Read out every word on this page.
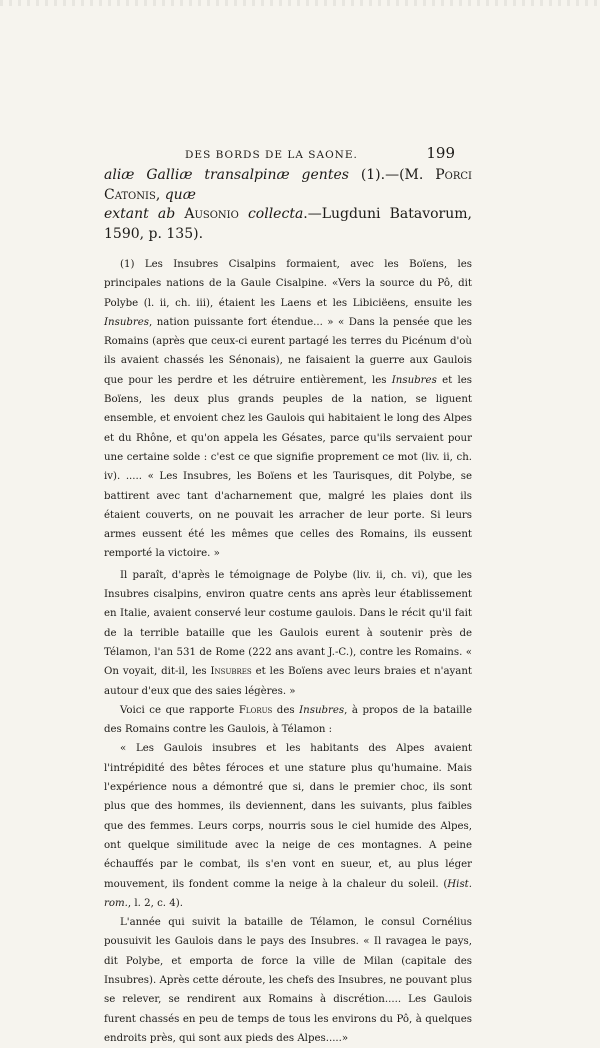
DES BORDS DE LA SAONE.	199
aliæ Galliæ transalpinæ gentes (1).—(M. Porci Catonis, quæ
extant ab Ausonio collecta.—Lugduni Batavorum, 1590, p. 135).

(1) Les Insubres Cisalpins formaient, avec les Boïens, les principales nations de la Gaule Cisalpine. «Vers la source du Pô, dit Polybe (l. ii, ch. iii), étaient les Laens et les Libiciëens, ensuite les Insubres, nation puissante fort étendue... » « Dans la pensée que les Romains (après que ceux-ci eurent partagé les terres du Picénum d'où ils avaient chassés les Sénonais), ne faisaient la guerre aux Gaulois que pour les perdre et les détruire entièrement, les Insubres et les Boïens, les deux plus grands peuples de la nation, se liguent ensemble, et envoient chez les Gaulois qui habitaient le long des Alpes et du Rhône, et qu'on appela les Gésates, parce qu'ils servaient pour une certaine solde : c'est ce que signifie proprement ce mot (liv. ii, ch. iv). ..... « Les Insubres, les Boïens et les Taurisques, dit Polybe, se battirent avec tant d'acharnement que, malgré les plaies dont ils étaient couverts, on ne pouvait les arracher de leur porte. Si leurs armes eussent été les mêmes que celles des Romains, ils eussent remporté la victoire. »

Il paraît, d'après le témoignage de Polybe (liv. ii, ch. vi), que les Insubres cisalpins, environ quatre cents ans après leur établissement en Italie, avaient conservé leur costume gaulois. Dans le récit qu'il fait de la terrible bataille que les Gaulois eurent à soutenir près de Télamon, l'an 531 de Rome (222 ans avant J.-C.), contre les Romains. « On voyait, dit-il, les Insubres et les Boïens avec leurs braies et n'ayant autour d'eux que des saies légères. »

Voici ce que rapporte Florus des Insubres, à propos de la bataille des Romains contre les Gaulois, à Télamon :

« Les Gaulois insubres et les habitants des Alpes avaient l'intrépidité des bêtes féroces et une stature plus qu'humaine. Mais l'expérience nous a démontré que si, dans le premier choc, ils sont plus que des hommes, ils deviennent, dans les suivants, plus faibles que des femmes. Leurs corps, nourris sous le ciel humide des Alpes, ont quelque similitude avec la neige de ces montagnes. A peine échauffés par le combat, ils s'en vont en sueur, et, au plus léger mouvement, ils fondent comme la neige à la chaleur du soleil. (Hist. rom., l. 2, c. 4).

L'année qui suivit la bataille de Télamon, le consul Cornélius pousuivit les Gaulois dans le pays des Insubres. « Il ravagea le pays, dit Polybe, et emporta de force la ville de Milan (capitale des Insubres). Après cette déroute, les chefs des Insubres, ne pouvant plus se relever, se rendirent aux Romains à discrétion..... Les Gaulois furent chassés en peu de temps de tous les environs du Pô, à quelques endroits près, qui sont aux pieds des Alpes.....»
